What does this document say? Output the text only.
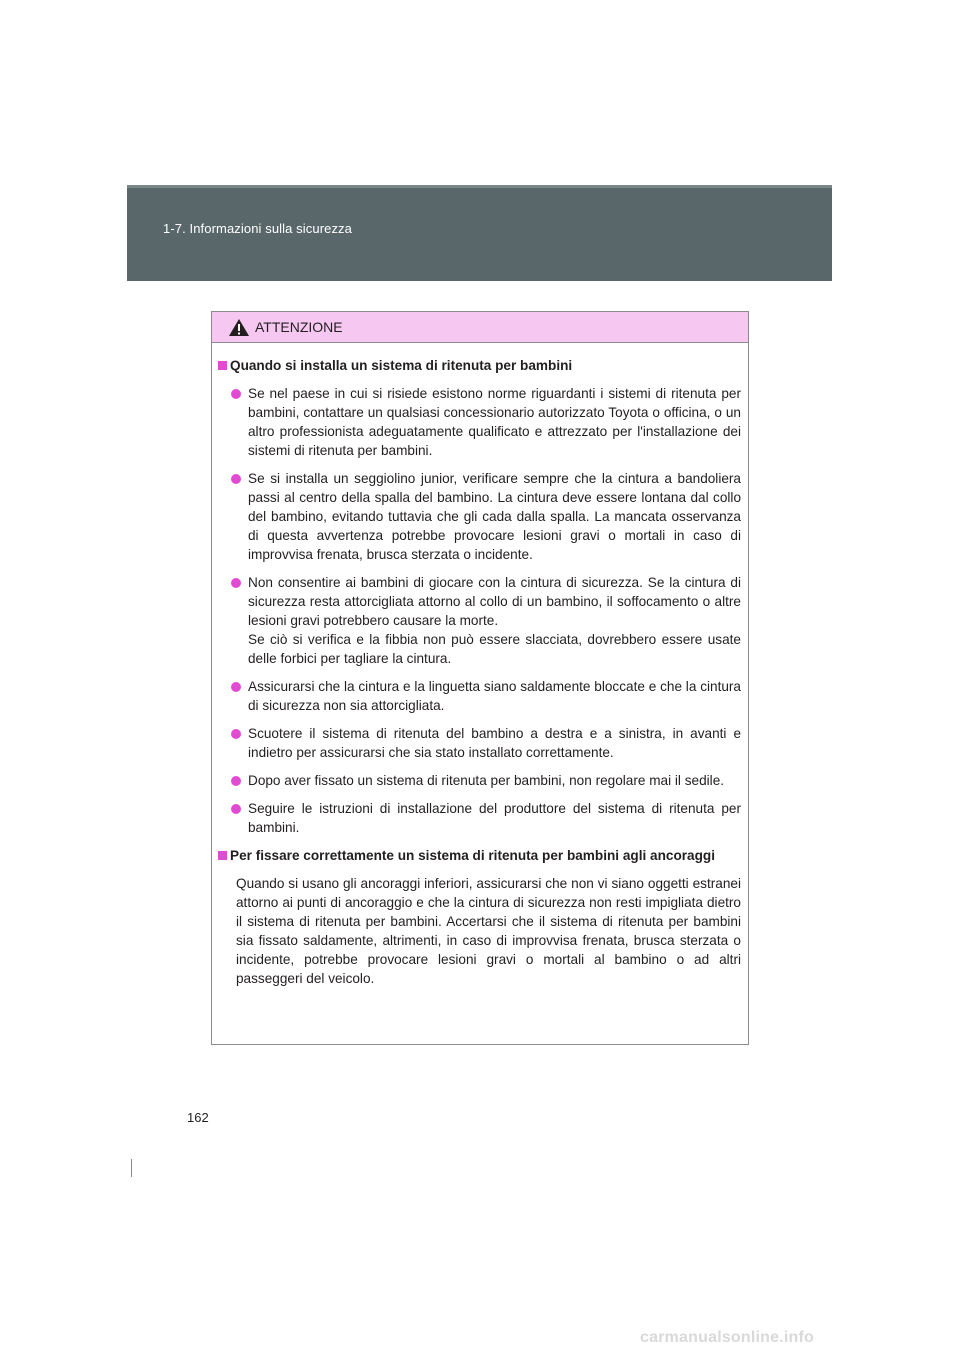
1-7. Informazioni sulla sicurezza
ATTENZIONE
Quando si installa un sistema di ritenuta per bambini

Se nel paese in cui si risiede esistono norme riguardanti i sistemi di ritenuta per bambini, contattare un qualsiasi concessionario autorizzato Toyota o officina, o un altro professionista adeguatamente qualificato e attrezzato per l'installazione dei sistemi di ritenuta per bambini.

Se si installa un seggiolino junior, verificare sempre che la cintura a bandoliera passi al centro della spalla del bambino. La cintura deve essere lontana dal collo del bambino, evitando tuttavia che gli cada dalla spalla. La mancata osservanza di questa avvertenza potrebbe provocare lesioni gravi o mortali in caso di improvvisa frenata, brusca sterzata o incidente.

Non consentire ai bambini di giocare con la cintura di sicurezza. Se la cintura di sicurezza resta attorcigliata attorno al collo di un bambino, il soffocamento o altre lesioni gravi potrebbero causare la morte.

Se ciò si verifica e la fibbia non può essere slacciata, dovrebbero essere usate delle forbici per tagliare la cintura.

Assicurarsi che la cintura e la linguetta siano saldamente bloccate e che la cintura di sicurezza non sia attorcigliata.

Scuotere il sistema di ritenuta del bambino a destra e a sinistra, in avanti e indietro per assicurarsi che sia stato installato correttamente.

Dopo aver fissato un sistema di ritenuta per bambini, non regolare mai il sedile.

Seguire le istruzioni di installazione del produttore del sistema di ritenuta per bambini.

Per fissare correttamente un sistema di ritenuta per bambini agli ancoraggi

Quando si usano gli ancoraggi inferiori, assicurarsi che non vi siano oggetti estranei attorno ai punti di ancoraggio e che la cintura di sicurezza non resti impigliata dietro il sistema di ritenuta per bambini. Accertarsi che il sistema di ritenuta per bambini sia fissato saldamente, altrimenti, in caso di improvvisa frenata, brusca sterzata o incidente, potrebbe provocare lesioni gravi o mortali al bambino o ad altri passeggeri del veicolo.

162
carmanualsonline.info
